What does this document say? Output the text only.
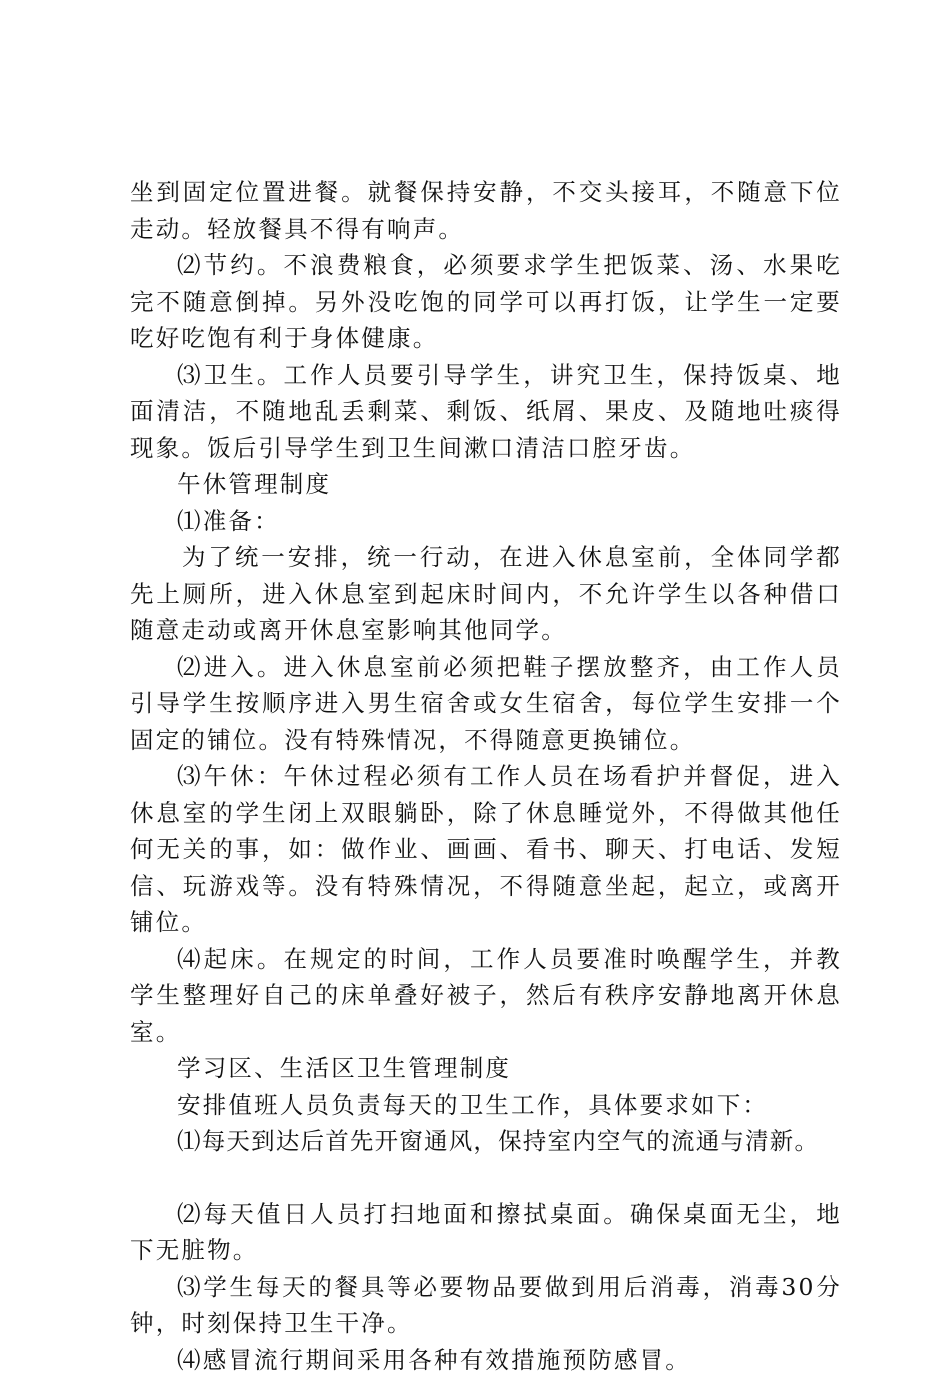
坐到固定位置进餐。就餐保持安静，不交头接耳，不随意下位走动。轻放餐具不得有响声。

⑵节约。不浪费粮食，必须要求学生把饭菜、汤、水果吃完不随意倒掉。另外没吃饱的同学可以再打饭，让学生一定要吃好吃饱有利于身体健康。

⑶卫生。工作人员要引导学生，讲究卫生，保持饭桌、地面清洁，不随地乱丢剩菜、剩饭、纸屑、果皮、及随地吐痰得现象。饭后引导学生到卫生间漱口清洁口腔牙齿。

午休管理制度

⑴准备：

为了统一安排，统一行动，在进入休息室前，全体同学都先上厕所，进入休息室到起床时间内，不允许学生以各种借口随意走动或离开休息室影响其他同学。

⑵进入。进入休息室前必须把鞋子摆放整齐，由工作人员引导学生按顺序进入男生宿舍或女生宿舍，每位学生安排一个固定的铺位。没有特殊情况，不得随意更换铺位。

⑶午休：午休过程必须有工作人员在场看护并督促，进入休息室的学生闭上双眼躺卧，除了休息睡觉外，不得做其他任何无关的事，如：做作业、画画、看书、聊天、打电话、发短信、玩游戏等。没有特殊情况，不得随意坐起，起立，或离开铺位。

⑷起床。在规定的时间，工作人员要准时唤醒学生，并教学生整理好自己的床单叠好被子，然后有秩序安静地离开休息室。

学习区、生活区卫生管理制度

安排值班人员负责每天的卫生工作，具体要求如下：

⑴每天到达后首先开窗通风，保持室内空气的流通与清新。

⑵每天值日人员打扫地面和擦拭桌面。确保桌面无尘，地下无脏物。

⑶学生每天的餐具等必要物品要做到用后消毒，消毒30分钟，时刻保持卫生干净。

⑷感冒流行期间采用各种有效措施预防感冒。
